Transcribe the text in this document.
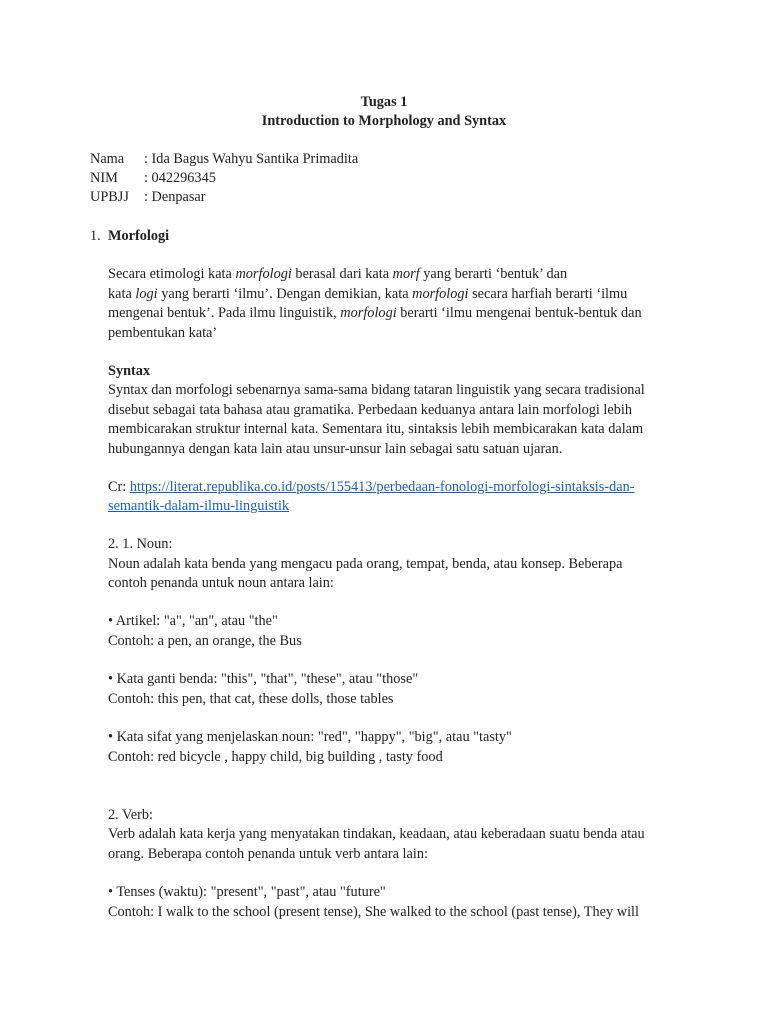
Tugas 1
Introduction to Morphology and Syntax
Nama : Ida Bagus Wahyu Santika Primadita
NIM : 042296345
UPBJJ : Denpasar
1. Morfologi
Secara etimologi kata morfologi berasal dari kata morf yang berarti ‘bentuk’ dan
kata logi yang berarti ‘ilmu’. Dengan demikian, kata morfologi secara harfiah berarti ‘ilmu
mengenai bentuk’. Pada ilmu linguistik, morfologi berarti ‘ilmu mengenai bentuk-bentuk dan
pembentukan kata’
Syntax
Syntax dan morfologi sebenarnya sama-sama bidang tataran linguistik yang secara tradisional
disebut sebagai tata bahasa atau gramatika. Perbedaan keduanya antara lain morfologi lebih
membicarakan struktur internal kata. Sementara itu, sintaksis lebih membicarakan kata dalam
hubungannya dengan kata lain atau unsur-unsur lain sebagai satu satuan ujaran.
Cr: https://literat.republika.co.id/posts/155413/perbedaan-fonologi-morfologi-sintaksis-dan-
semantik-dalam-ilmu-linguistik
2. 1. Noun:
Noun adalah kata benda yang mengacu pada orang, tempat, benda, atau konsep. Beberapa
contoh penanda untuk noun antara lain:
• Artikel: "a", "an", atau "the"
Contoh: a pen, an orange, the Bus
• Kata ganti benda: "this", "that", "these", atau "those"
Contoh: this pen, that cat, these dolls, those tables
• Kata sifat yang menjelaskan noun: "red", "happy", "big", atau "tasty"
Contoh: red bicycle , happy child, big building , tasty food
2. Verb:
Verb adalah kata kerja yang menyatakan tindakan, keadaan, atau keberadaan suatu benda atau
orang. Beberapa contoh penanda untuk verb antara lain:
• Tenses (waktu): "present", "past", atau "future"
Contoh: I walk to the school (present tense), She walked to the school (past tense), They will
